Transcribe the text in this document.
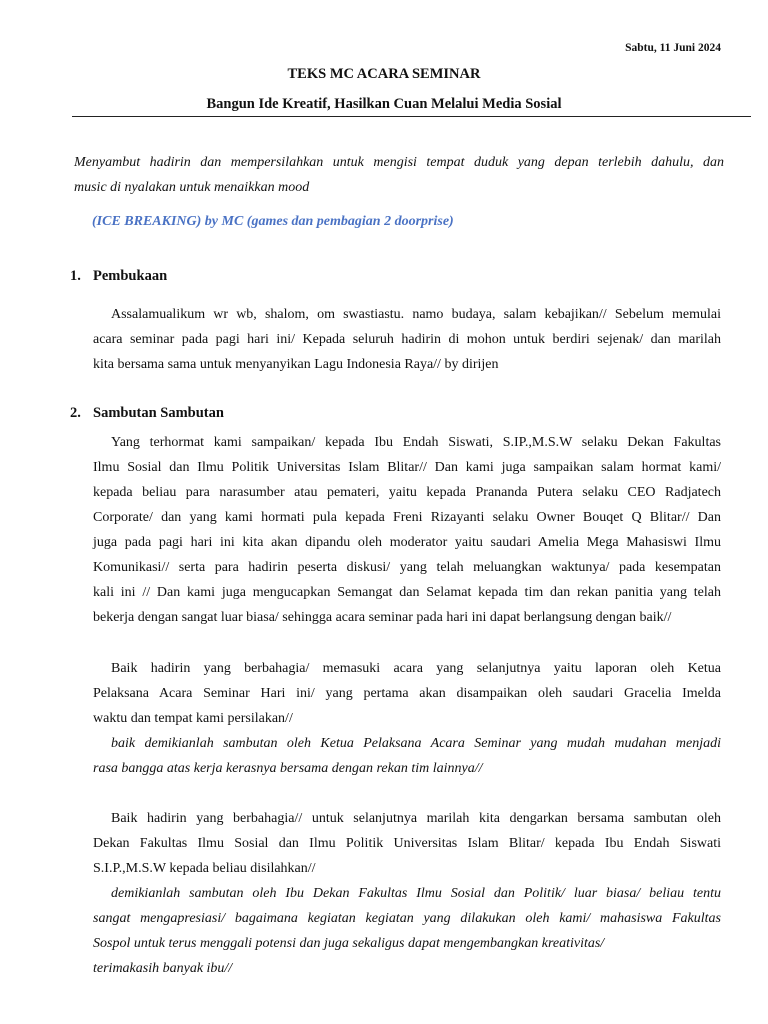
Sabtu, 11 Juni 2024
TEKS MC ACARA SEMINAR
Bangun Ide Kreatif, Hasilkan Cuan Melalui Media Sosial
Menyambut hadirin dan mempersilahkan untuk mengisi tempat duduk yang depan terlebih dahulu, dan
music di nyalakan untuk menaikkan mood
(ICE BREAKING) by MC (games dan pembagian 2 doorprise)
1. Pembukaan
Assalamualikum wr wb, shalom, om swastiastu. namo budaya, salam kebajikan// Sebelum memulai
acara seminar pada pagi hari ini/ Kepada seluruh hadirin di mohon untuk berdiri sejenak/ dan marilah
kita bersama sama untuk menyanyikan Lagu Indonesia Raya// by dirijen
2. Sambutan Sambutan
Yang terhormat kami sampaikan/ kepada Ibu Endah Siswati, S.IP.,M.S.W selaku Dekan Fakultas
Ilmu Sosial dan Ilmu Politik Universitas Islam Blitar// Dan kami juga sampaikan salam hormat kami/
kepada beliau para narasumber atau pemateri, yaitu kepada Prananda Putera selaku CEO Radjatech
Corporate/ dan yang kami hormati pula kepada Freni Rizayanti selaku Owner Bouqet Q Blitar// Dan
juga pada pagi hari ini kita akan dipandu oleh moderator yaitu saudari Amelia Mega Mahasiswi Ilmu
Komunikasi// serta para hadirin peserta diskusi/ yang telah meluangkan waktunya/ pada kesempatan
kali ini // Dan kami juga mengucapkan Semangat dan Selamat kepada tim dan rekan panitia yang telah
bekerja dengan sangat luar biasa/ sehingga acara seminar pada hari ini dapat berlangsung dengan baik//
Baik hadirin yang berbahagia/ memasuki acara yang selanjutnya yaitu laporan oleh Ketua
Pelaksana Acara Seminar Hari ini/ yang pertama akan disampaikan oleh saudari Gracelia Imelda
waktu dan tempat kami persilakan//
baik demikianlah sambutan oleh Ketua Pelaksana Acara Seminar yang mudah mudahan menjadi
rasa bangga atas kerja kerasnya bersama dengan rekan tim lainnya//
Baik hadirin yang berbahagia// untuk selanjutnya marilah kita dengarkan bersama sambutan oleh
Dekan Fakultas Ilmu Sosial dan Ilmu Politik Universitas Islam Blitar/ kepada Ibu Endah Siswati
S.I.P.,M.S.W kepada beliau disilahkan//
demikianlah sambutan oleh Ibu Dekan Fakultas Ilmu Sosial dan Politik/ luar biasa/ beliau tentu
sangat mengapresiasi/ bagaimana kegiatan kegiatan yang dilakukan oleh kami/ mahasiswa Fakultas
Sospol untuk terus menggali potensi dan juga sekaligus dapat mengembangkan kreativitas/
terimakasih banyak ibu//
